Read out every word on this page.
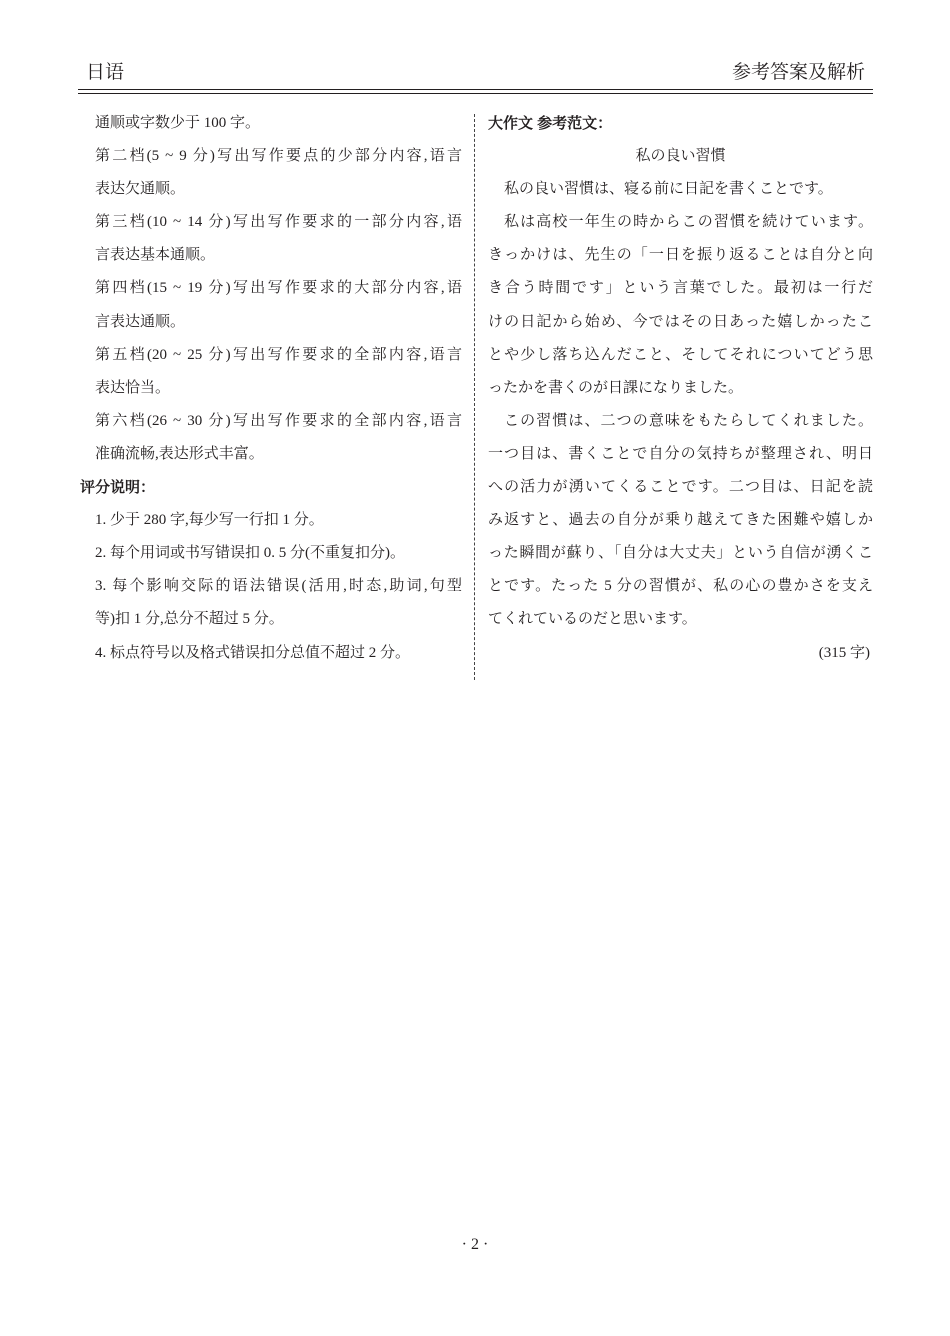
日语	参考答案及解析
通顺或字数少于 100 字。
第二档(5 ~ 9 分)写出写作要点的少部分内容,语言
表达欠通顺。
第三档(10 ~ 14 分)写出写作要求的一部分内容,语
言表达基本通顺。
第四档(15 ~ 19 分)写出写作要求的大部分内容,语
言表达通顺。
第五档(20 ~ 25 分)写出写作要求的全部内容,语言
表达恰当。
第六档(26 ~ 30 分)写出写作要求的全部内容,语言
准确流畅,表达形式丰富。
评分说明：
1. 少于 280 字,每少写一行扣 1 分。
2. 每个用词或书写错误扣 0. 5 分(不重复扣分)。
3. 每个影响交际的语法错误(活用,时态,助词,句型
等)扣 1 分,总分不超过 5 分。
4. 标点符号以及格式错误扣分总值不超过 2 分。
大作文 参考范文：
私の良い習慣
私の良い習慣は、寝る前に日記を書くことです。
私は高校一年生の時からこの習慣を続けています。
きっかけは、先生の「一日を振り返ることは自分と向
き合う時間です」という言葉でした。最初は一行だ
けの日記から始め、今ではその日あった嬉しかったこ
とや少し落ち込んだこと、そしてそれについてどう思
ったかを書くのが日課になりました。
この習慣は、二つの意味をもたらしてくれました。
一つ目は、書くことで自分の気持ちが整理され、明日
への活力が湧いてくることです。二つ目は、日記を読
み返すと、過去の自分が乗り越えてきた困難や嬉しか
った瞬間が蘇り、「自分は大丈夫」という自信が湧くこ
とです。たった 5 分の習慣が、私の心の豊かさを支え
てくれているのだと思います。
(315 字)
· 2 ·
